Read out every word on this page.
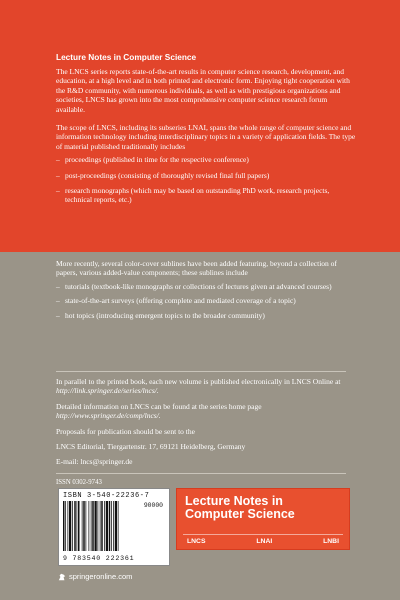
Lecture Notes in Computer Science

The LNCS series reports state-of-the-art results in computer science research, development, and education, at a high level and in both printed and electronic form. Enjoying tight cooperation with the R&D community, with numerous individuals, as well as with prestigious organizations and societies, LNCS has grown into the most comprehensive computer science research forum available.

The scope of LNCS, including its subseries LNAI, spans the whole range of computer science and information technology including interdisciplinary topics in a variety of application fields. The type of material published traditionally includes

– proceedings (published in time for the respective conference)
– post-proceedings (consisting of thoroughly revised final full papers)
– research monographs (which may be based on outstanding PhD work, research projects, technical reports, etc.)

More recently, several color-cover sublines have been added featuring, beyond a collection of papers, various added-value components; these sublines include

– tutorials (textbook-like monographs or collections of lectures given at advanced courses)
– state-of-the-art surveys (offering complete and mediated coverage of a topic)
– hot topics (introducing emergent topics to the broader community)

In parallel to the printed book, each new volume is published electronically in LNCS Online at http://link.springer.de/series/lncs/.

Detailed information on LNCS can be found at the series home page http://www.springer.de/comp/lncs/.

Proposals for publication should be sent to the

LNCS Editorial, Tiergartenstr. 17, 69121 Heidelberg, Germany

E-mail: lncs@springer.de

ISSN 0302-9743
ISBN 3-540-22236-7
90000
9 783540 222361
Lecture Notes in
Computer Science
LNCS	LNAI	LNBI
springeronline.com
